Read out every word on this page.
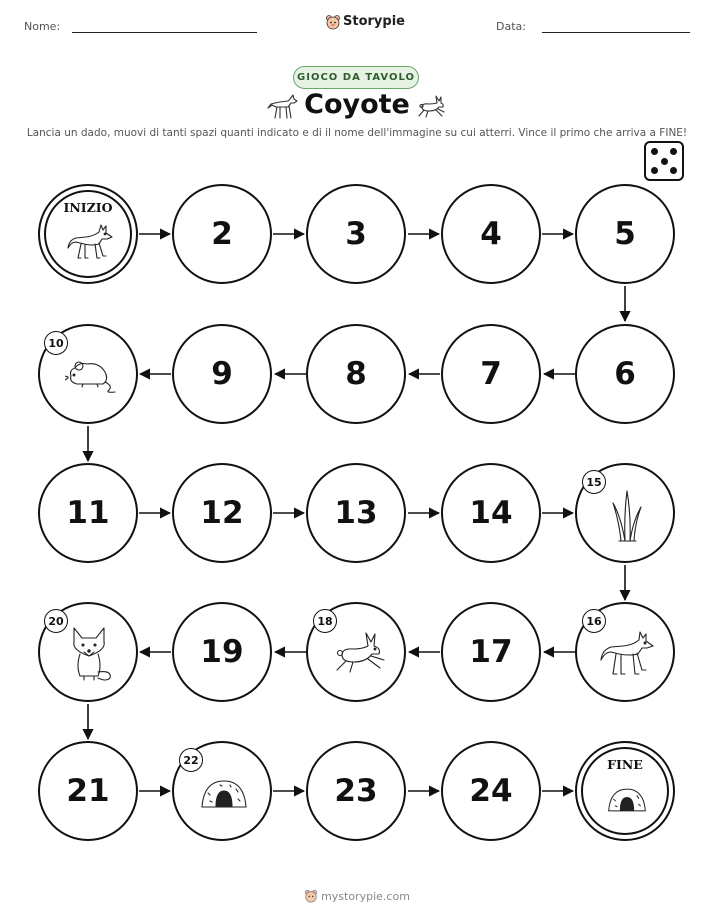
Nome:	Storypie	Data:
GIOCO DA TAVOLO
Coyote
Lancia un dado, muovi di tanti spazi quanti indicato e di il nome dell'immagine su cui atterri. Vince il primo che arriva a FINE!
INIZIO
2	3	4	5
6
7
8
9
10
11	12	13	14
15
16
17
18
19
20
21
22
23	24
FINE
mystorypie.com
